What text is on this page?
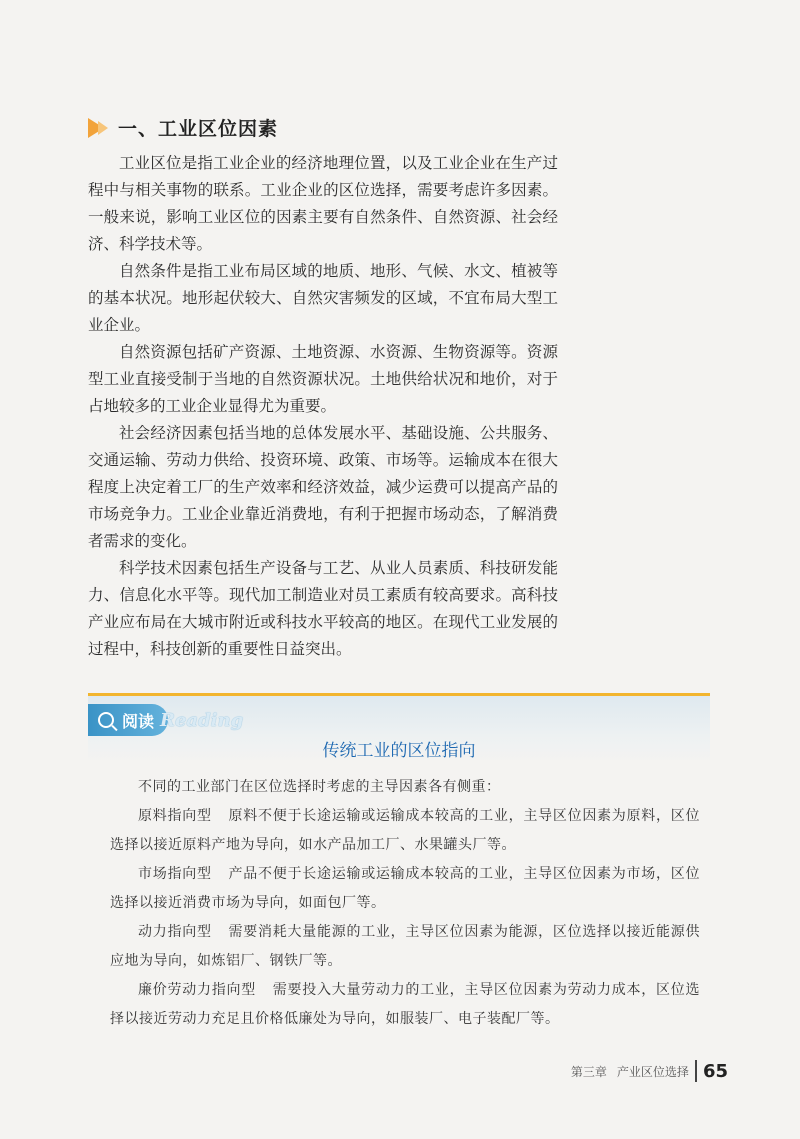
一、工业区位因素

工业区位是指工业企业的经济地理位置，以及工业企业在生产过程中与相关事物的联系。工业企业的区位选择，需要考虑许多因素。一般来说，影响工业区位的因素主要有自然条件、自然资源、社会经济、科学技术等。

自然条件是指工业布局区域的地质、地形、气候、水文、植被等的基本状况。地形起伏较大、自然灾害频发的区域，不宜布局大型工业企业。

自然资源包括矿产资源、土地资源、水资源、生物资源等。资源型工业直接受制于当地的自然资源状况。土地供给状况和地价，对于占地较多的工业企业显得尤为重要。

社会经济因素包括当地的总体发展水平、基础设施、公共服务、交通运输、劳动力供给、投资环境、政策、市场等。运输成本在很大程度上决定着工厂的生产效率和经济效益，减少运费可以提高产品的市场竞争力。工业企业靠近消费地，有利于把握市场动态，了解消费者需求的变化。

科学技术因素包括生产设备与工艺、从业人员素质、科技研发能力、信息化水平等。现代加工制造业对员工素质有较高要求。高科技产业应布局在大城市附近或科技水平较高的地区。在现代工业发展的过程中，科技创新的重要性日益突出。

阅读 Reading
传统工业的区位指向

不同的工业部门在区位选择时考虑的主导因素各有侧重：

原料指向型 原料不便于长途运输或运输成本较高的工业，主导区位因素为原料，区位选择以接近原料产地为导向，如水产品加工厂、水果罐头厂等。

市场指向型 产品不便于长途运输或运输成本较高的工业，主导区位因素为市场，区位选择以接近消费市场为导向，如面包厂等。

动力指向型 需要消耗大量能源的工业，主导区位因素为能源，区位选择以接近能源供应地为导向，如炼铝厂、钢铁厂等。

廉价劳动力指向型 需要投入大量劳动力的工业，主导区位因素为劳动力成本，区位选择以接近劳动力充足且价格低廉处为导向，如服装厂、电子装配厂等。

第三章 产业区位选择 65
